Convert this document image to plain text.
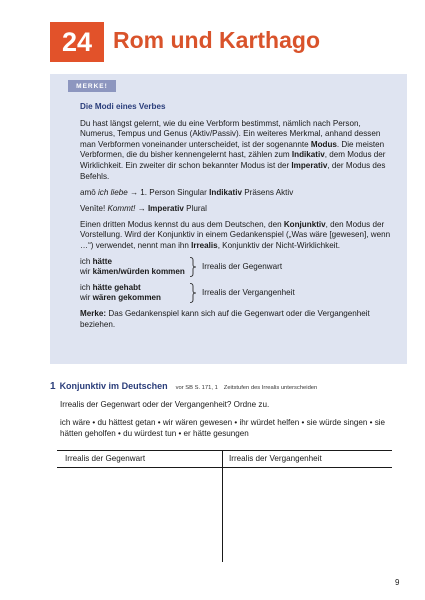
24 Rom und Karthago
MERKE!

Die Modi eines Verbes

Du hast längst gelernt, wie du eine Verbform bestimmst, nämlich nach Person, Numerus, Tempus und Genus (Aktiv/Passiv). Ein weiteres Merkmal, anhand dessen man Verbformen voneinander unterscheidet, ist der sogenannte Modus. Die meisten Verbformen, die du bisher kennengelernt hast, zählen zum Indikativ, dem Modus der Wirklichkeit. Ein zweiter dir schon bekannter Modus ist der Imperativ, der Modus des Befehls.

amō ich liebe → 1. Person Singular Indikativ Präsens Aktiv

Venīte! Kommt! → Imperativ Plural

Einen dritten Modus kennst du aus dem Deutschen, den Konjunktiv, den Modus der Vorstellung. Wird der Konjunktiv in einem Gedankenspiel („Was wäre [gewesen], wenn …“) verwendet, nennt man ihn Irrealis, Konjunktiv der Nicht-Wirklichkeit.

ich hätte
wir kämen/würden kommen
Irrealis der Gegenwart
ich hätte gehabt
wir wären gekommen
Irrealis der Vergangenheit

Merke: Das Gedankenspiel kann sich auf die Gegenwart oder die Vergangenheit beziehen.

1 Konjunktiv im Deutschen vor SB S. 171, 1 Zeitstufen des Irrealis unterscheiden
Irrealis der Gegenwart oder der Vergangenheit? Ordne zu.
ich wäre • du hättest getan • wir wären gewesen • ihr würdet helfen • sie würde singen • sie hätten geholfen • du würdest tun • er hätte gesungen
Irrealis der Gegenwart	Irrealis der Vergangenheit
9
